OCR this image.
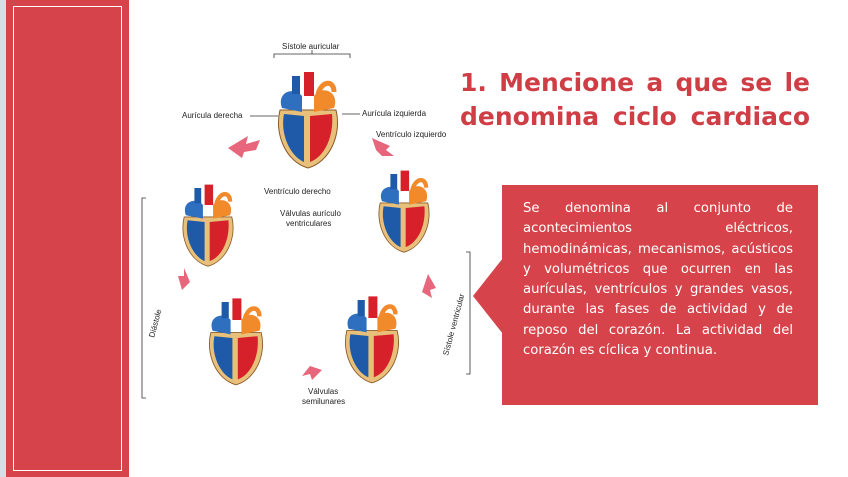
1. Mencione a que se le
denomina ciclo cardiaco

Se denomina al conjunto de acontecimientos eléctricos, hemodinámicas, mecanismos, acústicos y volumétricos que ocurren en las aurículas, ventrículos y grandes vasos, durante las fases de actividad y de reposo del corazón. La actividad del corazón es cíclica y continua.

Sístole auricular
Aurícula derecha	Aurícula izquierda
Ventrículo izquierdo
Ventrículo derecho
Válvulas aurículo
ventriculares
Válvulas
semilunares
Diástole	Sístole ventricular
